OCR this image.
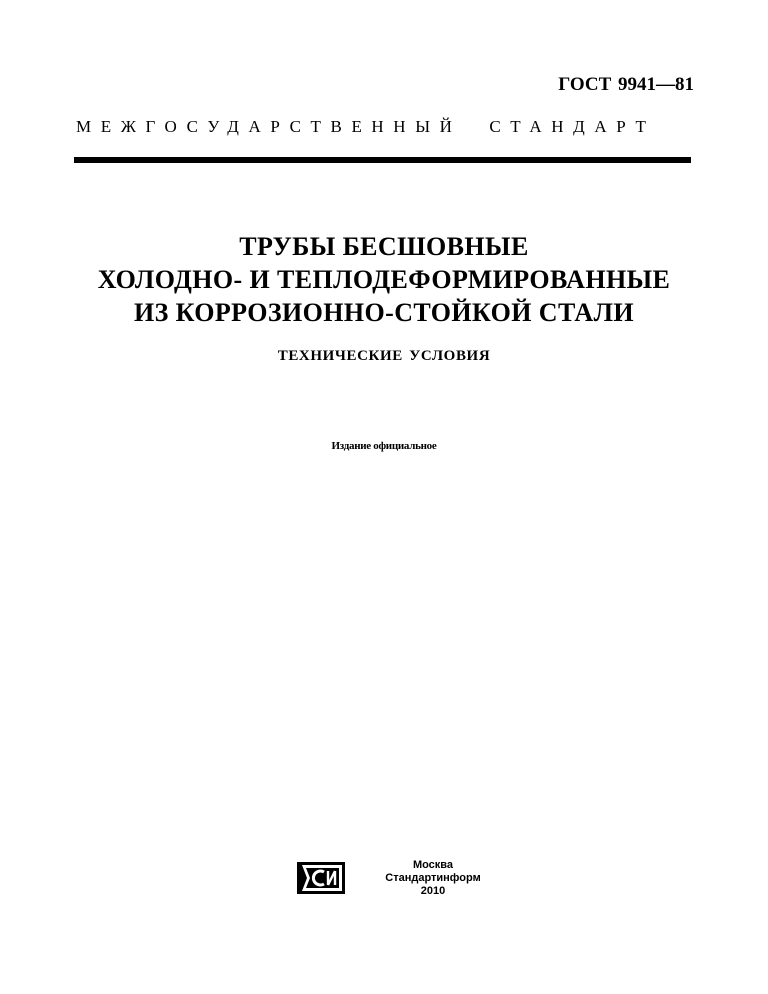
ГОСТ 9941—81
МЕЖГОСУДАРСТВЕННЫЙ СТАНДАРТ
ТРУБЫ БЕСШОВНЫЕ
ХОЛОДНО- И ТЕПЛОДЕФОРМИРОВАННЫЕ
ИЗ КОРРОЗИОННО-СТОЙКОЙ СТАЛИ
ТЕХНИЧЕСКИЕ УСЛОВИЯ
Издание официальное
Москва
Стандартинформ
2010
